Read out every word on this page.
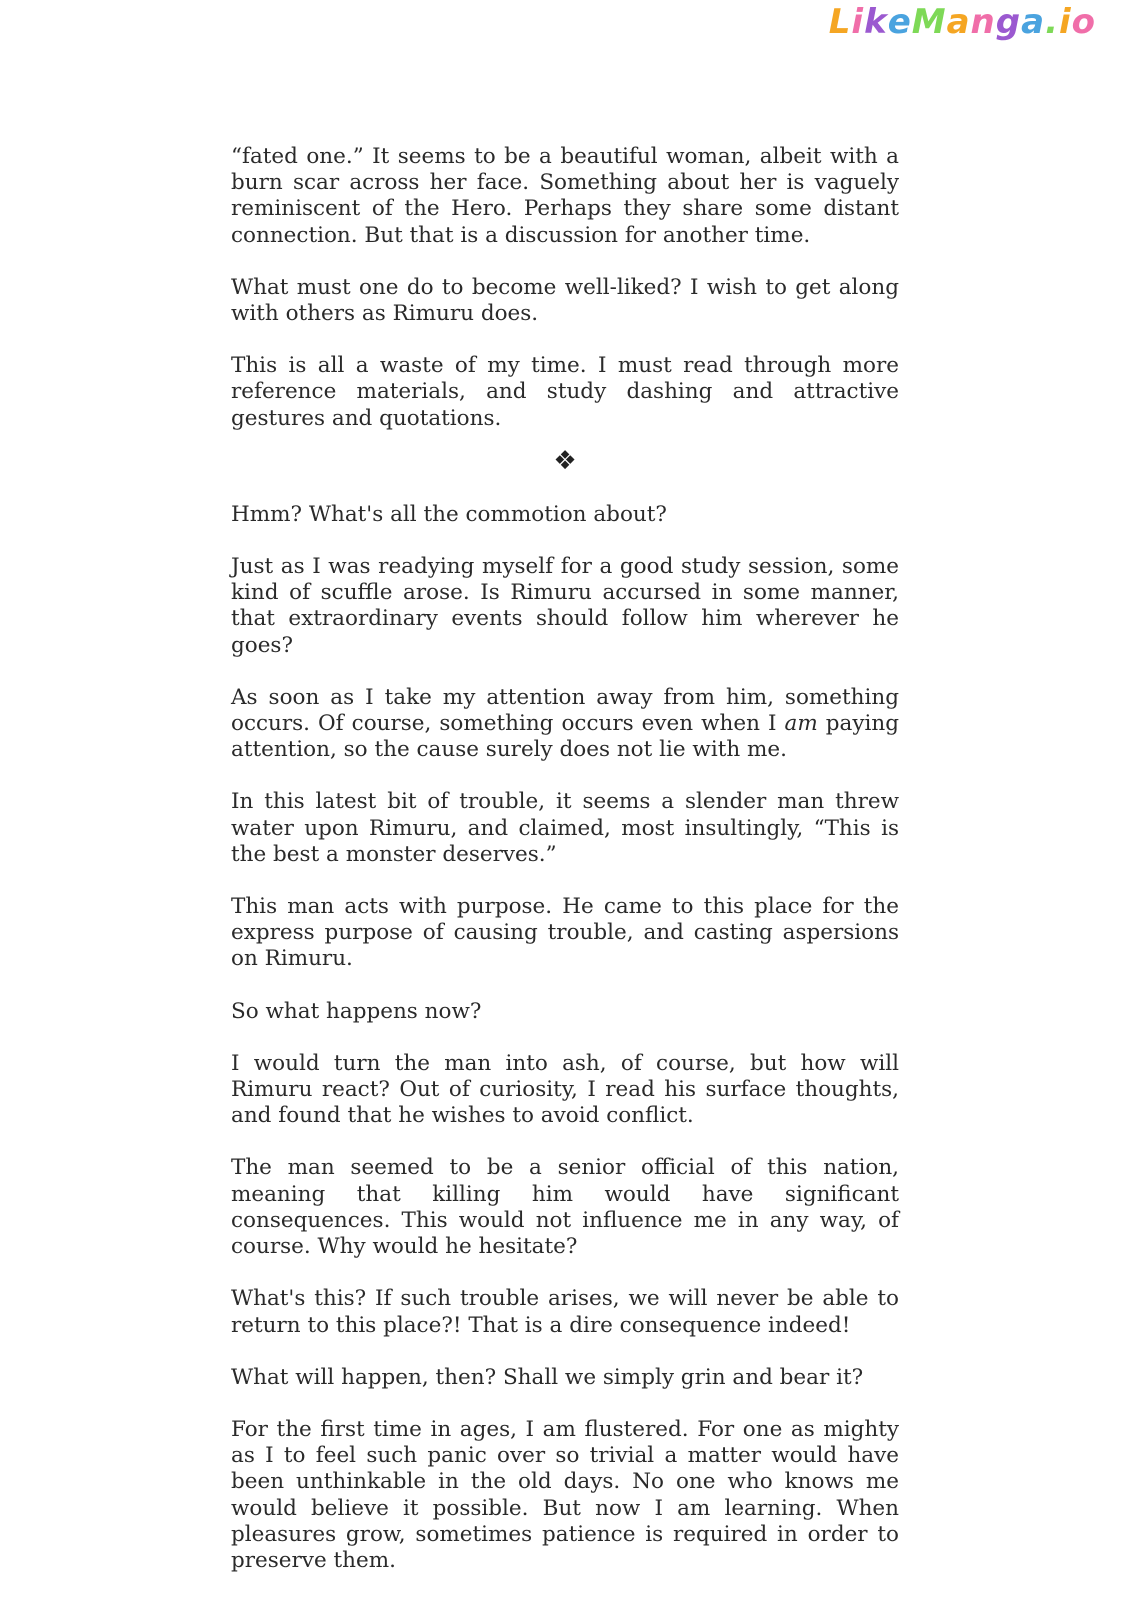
LikeManga.io

“fated one.” It seems to be a beautiful woman, albeit with a burn scar across her face. Something about her is vaguely reminiscent of the Hero. Perhaps they share some distant connection. But that is a discussion for another time.

What must one do to become well-liked? I wish to get along with others as Rimuru does.

This is all a waste of my time. I must read through more reference materials, and study dashing and attractive gestures and quotations.

❖

Hmm? What's all the commotion about?

Just as I was readying myself for a good study session, some kind of scuffle arose. Is Rimuru accursed in some manner, that extraordinary events should follow him wherever he goes?

As soon as I take my attention away from him, something occurs. Of course, something occurs even when I am paying attention, so the cause surely does not lie with me.

In this latest bit of trouble, it seems a slender man threw water upon Rimuru, and claimed, most insultingly, “This is the best a monster deserves.”

This man acts with purpose. He came to this place for the express purpose of causing trouble, and casting aspersions on Rimuru.

So what happens now?

I would turn the man into ash, of course, but how will Rimuru react? Out of curiosity, I read his surface thoughts, and found that he wishes to avoid conflict.

The man seemed to be a senior official of this nation, meaning that killing him would have significant consequences. This would not influence me in any way, of course. Why would he hesitate?

What's this? If such trouble arises, we will never be able to return to this place?! That is a dire consequence indeed!

What will happen, then? Shall we simply grin and bear it?

For the first time in ages, I am flustered. For one as mighty as I to feel such panic over so trivial a matter would have been unthinkable in the old days. No one who knows me would believe it possible. But now I am learning. When pleasures grow, sometimes patience is required in order to preserve them.
